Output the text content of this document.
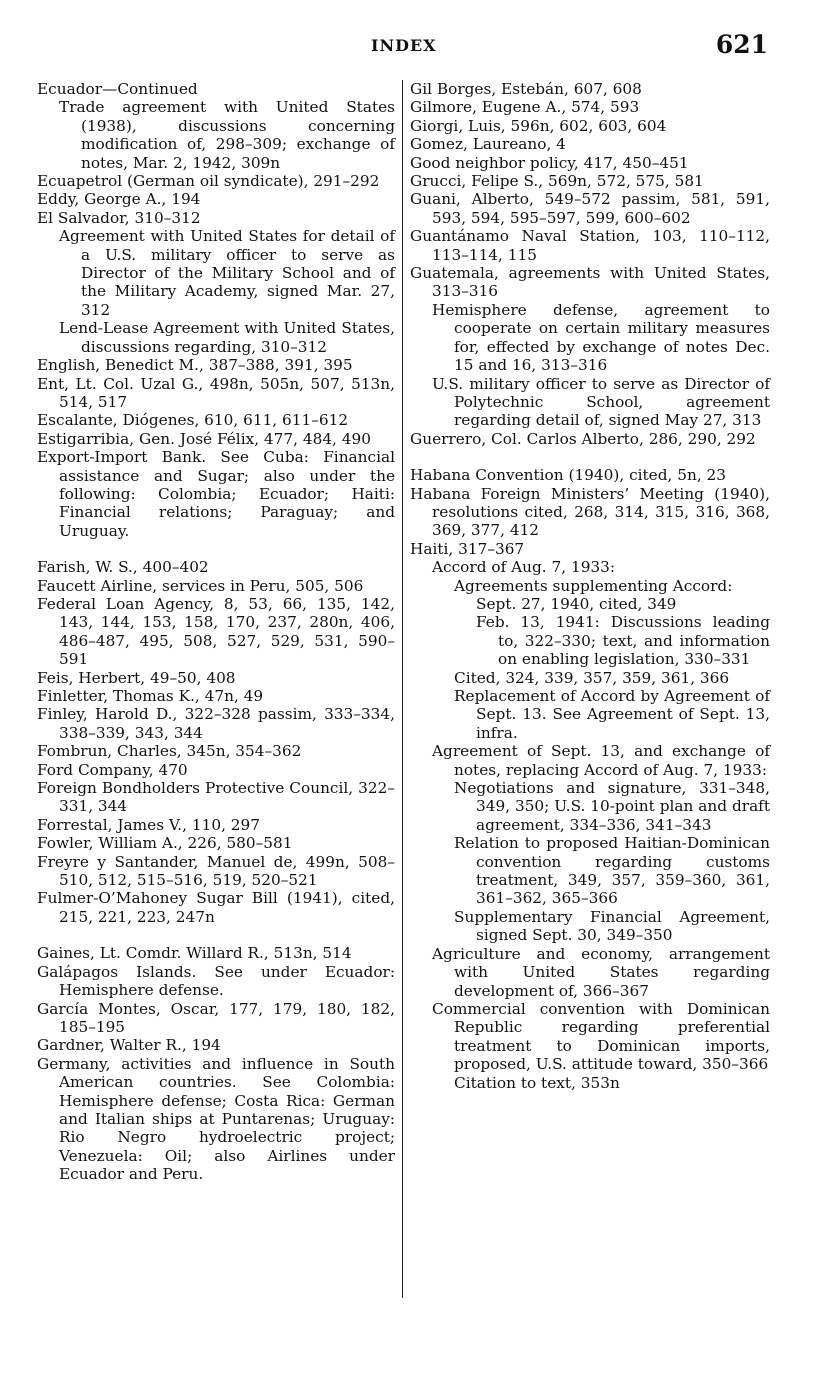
INDEX	621
Ecuador—Continued
Trade agreement with United States (1938), discussions concerning modification of, 298–309; exchange of notes, Mar. 2, 1942, 309n
Ecuapetrol (German oil syndicate), 291–292
Eddy, George A., 194
El Salvador, 310–312
Agreement with United States for detail of a U.S. military officer to serve as Director of the Military School and of the Military Academy, signed Mar. 27, 312
Lend-Lease Agreement with United States, discussions regarding, 310–312
English, Benedict M., 387–388, 391, 395
Ent, Lt. Col. Uzal G., 498n, 505n, 507, 513n, 514, 517
Escalante, Diógenes, 610, 611, 611–612
Estigarribia, Gen. José Félix, 477, 484, 490
Export-Import Bank. See Cuba: Financial assistance and Sugar; also under the following: Colombia; Ecuador; Haiti: Financial relations; Paraguay; and Uruguay.
Farish, W. S., 400–402
Faucett Airline, services in Peru, 505, 506
Federal Loan Agency, 8, 53, 66, 135, 142, 143, 144, 153, 158, 170, 237, 280n, 406, 486–487, 495, 508, 527, 529, 531, 590–591
Feis, Herbert, 49–50, 408
Finletter, Thomas K., 47n, 49
Finley, Harold D., 322–328 passim, 333–334, 338–339, 343, 344
Fombrun, Charles, 345n, 354–362
Ford Company, 470
Foreign Bondholders Protective Council, 322–331, 344
Forrestal, James V., 110, 297
Fowler, William A., 226, 580–581
Freyre y Santander, Manuel de, 499n, 508–510, 512, 515–516, 519, 520–521
Fulmer-O’Mahoney Sugar Bill (1941), cited, 215, 221, 223, 247n
Gaines, Lt. Comdr. Willard R., 513n, 514
Galápagos Islands. See under Ecuador: Hemisphere defense.
García Montes, Oscar, 177, 179, 180, 182, 185–195
Gardner, Walter R., 194
Germany, activities and influence in South American countries. See Colombia: Hemisphere defense; Costa Rica: German and Italian ships at Puntarenas; Uruguay: Rio Negro hydroelectric project; Venezuela: Oil; also Airlines under Ecuador and Peru.
Gil Borges, Estebán, 607, 608
Gilmore, Eugene A., 574, 593
Giorgi, Luis, 596n, 602, 603, 604
Gomez, Laureano, 4
Good neighbor policy, 417, 450–451
Grucci, Felipe S., 569n, 572, 575, 581
Guani, Alberto, 549–572 passim, 581, 591, 593, 594, 595–597, 599, 600–602
Guantánamo Naval Station, 103, 110–112, 113–114, 115
Guatemala, agreements with United States, 313–316
Hemisphere defense, agreement to cooperate on certain military measures for, effected by exchange of notes Dec. 15 and 16, 313–316
U.S. military officer to serve as Director of Polytechnic School, agreement regarding detail of, signed May 27, 313
Guerrero, Col. Carlos Alberto, 286, 290, 292
Habana Convention (1940), cited, 5n, 23
Habana Foreign Ministers’ Meeting (1940), resolutions cited, 268, 314, 315, 316, 368, 369, 377, 412
Haiti, 317–367
Accord of Aug. 7, 1933:
Agreements supplementing Accord:
Sept. 27, 1940, cited, 349
Feb. 13, 1941: Discussions leading to, 322–330; text, and information on enabling legislation, 330–331
Cited, 324, 339, 357, 359, 361, 366
Replacement of Accord by Agreement of Sept. 13. See Agreement of Sept. 13, infra.
Agreement of Sept. 13, and exchange of notes, replacing Accord of Aug. 7, 1933:
Negotiations and signature, 331–348, 349, 350; U.S. 10-point plan and draft agreement, 334–336, 341–343
Relation to proposed Haitian-Dominican convention regarding customs treatment, 349, 357, 359–360, 361, 361–362, 365–366
Supplementary Financial Agreement, signed Sept. 30, 349–350
Agriculture and economy, arrangement with United States regarding development of, 366–367
Commercial convention with Dominican Republic regarding preferential treatment to Dominican imports, proposed, U.S. attitude toward, 350–366
Citation to text, 353n
